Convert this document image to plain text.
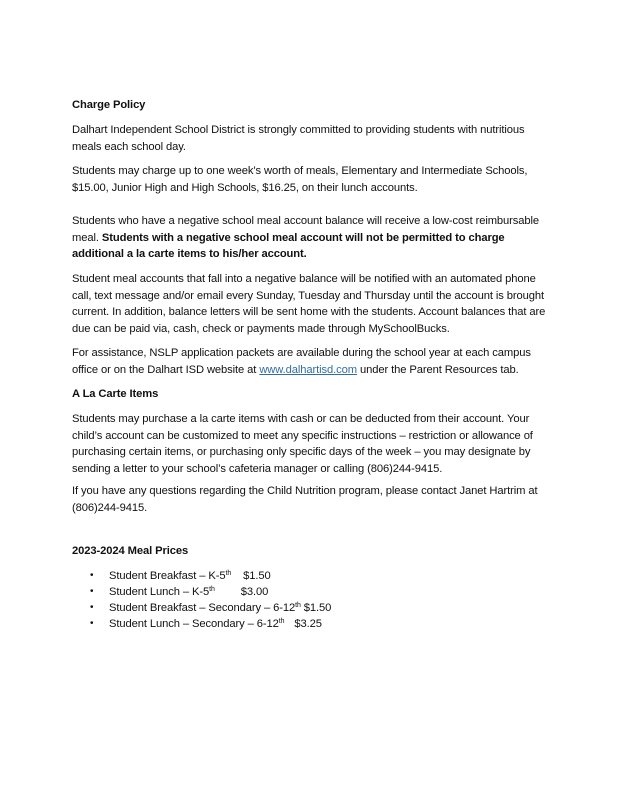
Charge Policy
Dalhart Independent School District is strongly committed to providing students with nutritious meals each school day.
Students may charge up to one week’s worth of meals, Elementary and Intermediate Schools, $15.00, Junior High and High Schools, $16.25, on their lunch accounts.
Students who have a negative school meal account balance will receive a low-cost reimbursable meal. Students with a negative school meal account will not be permitted to charge additional a la carte items to his/her account.
Student meal accounts that fall into a negative balance will be notified with an automated phone call, text message and/or email every Sunday, Tuesday and Thursday until the account is brought current. In addition, balance letters will be sent home with the students. Account balances that are due can be paid via, cash, check or payments made through MySchoolBucks.
For assistance, NSLP application packets are available during the school year at each campus office or on the Dalhart ISD website at www.dalhartisd.com under the Parent Resources tab.
A La Carte Items
Students may purchase a la carte items with cash or can be deducted from their account. Your child’s account can be customized to meet any specific instructions – restriction or allowance of purchasing certain items, or purchasing only specific days of the week – you may designate by sending a letter to your school’s cafeteria manager or calling (806)244-9415.
If you have any questions regarding the Child Nutrition program, please contact Janet Hartrim at (806)244-9415.
2023-2024 Meal Prices
• Student Breakfast – K-5th $1.50
• Student Lunch – K-5th $3.00
• Student Breakfast – Secondary – 6-12th $1.50
• Student Lunch – Secondary – 6-12th $3.25
